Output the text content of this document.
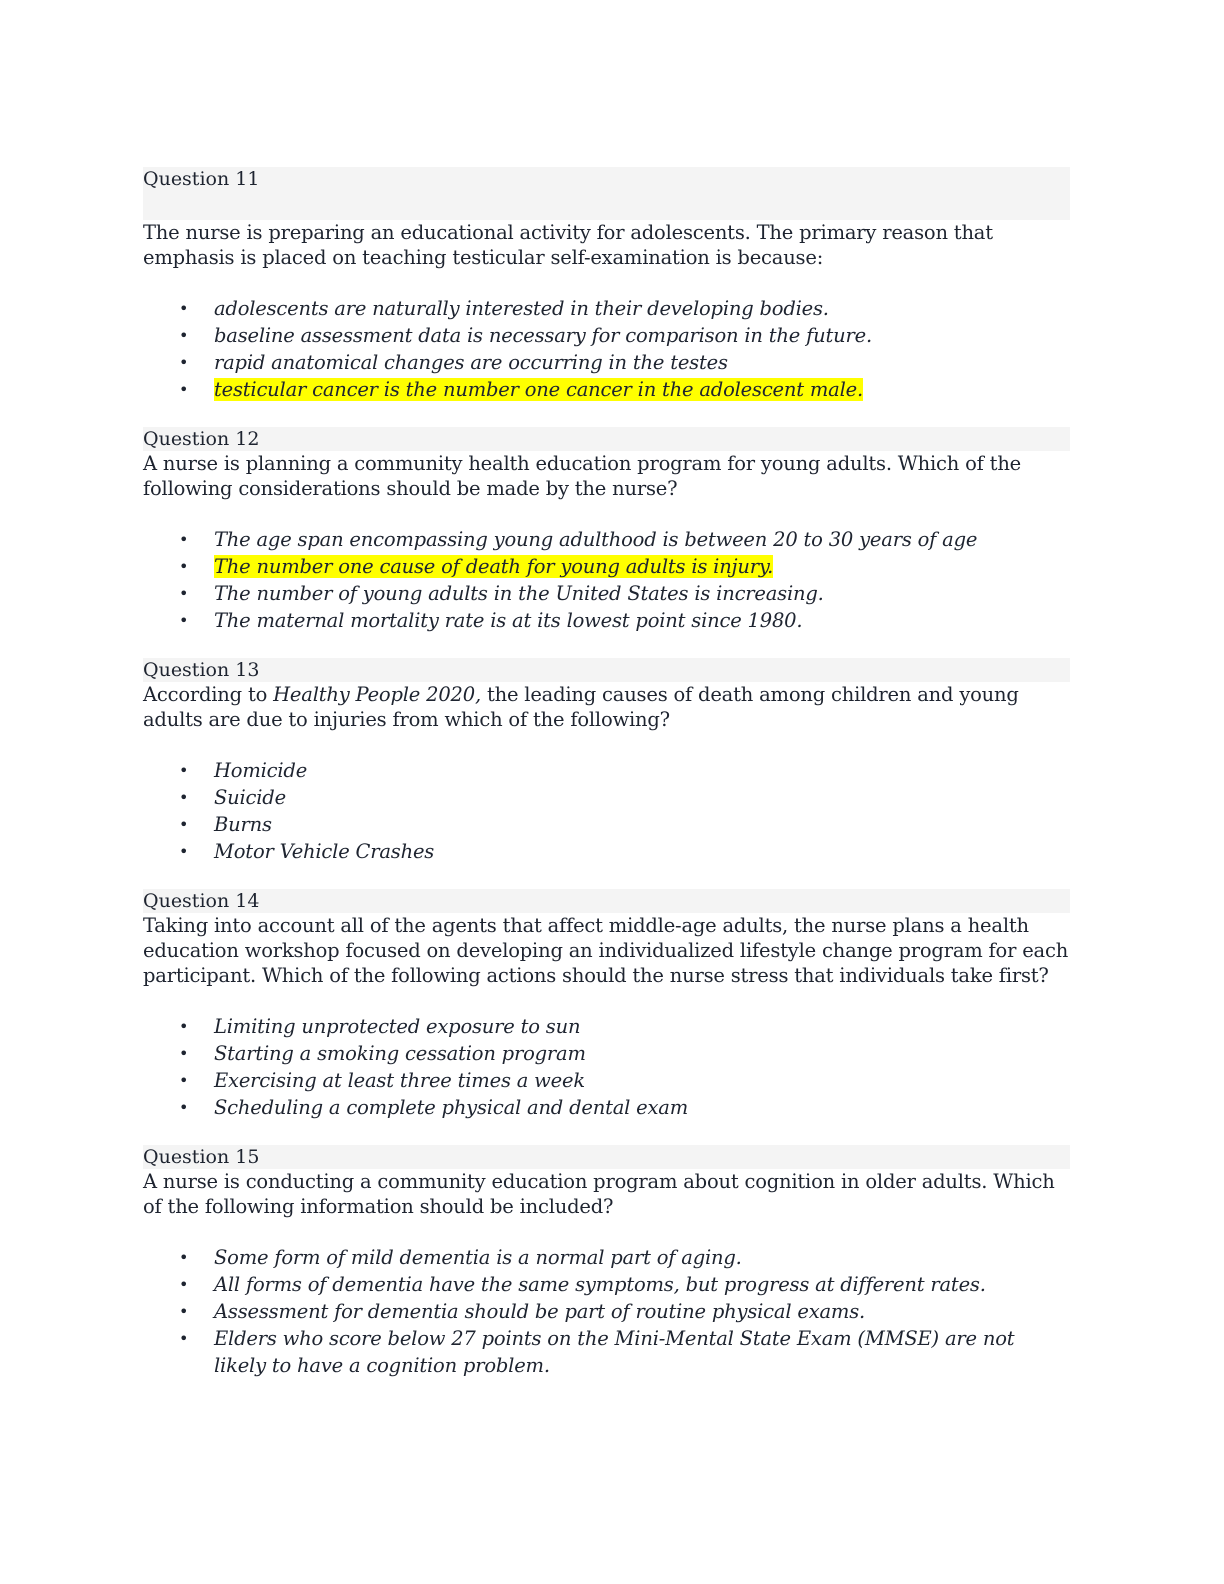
Question 11

The nurse is preparing an educational activity for adolescents. The primary reason that emphasis is placed on teaching testicular self-examination is because:

• adolescents are naturally interested in their developing bodies.
• baseline assessment data is necessary for comparison in the future.
• rapid anatomical changes are occurring in the testes
• testicular cancer is the number one cancer in the adolescent male.
Question 12

A nurse is planning a community health education program for young adults. Which of the following considerations should be made by the nurse?

• The age span encompassing young adulthood is between 20 to 30 years of age
• The number one cause of death for young adults is injury.
• The number of young adults in the United States is increasing.
• The maternal mortality rate is at its lowest point since 1980.
Question 13

According to Healthy People 2020, the leading causes of death among children and young adults are due to injuries from which of the following?

• Homicide
• Suicide
• Burns
• Motor Vehicle Crashes
Question 14

Taking into account all of the agents that affect middle-age adults, the nurse plans a health education workshop focused on developing an individualized lifestyle change program for each participant. Which of the following actions should the nurse stress that individuals take first?

• Limiting unprotected exposure to sun
• Starting a smoking cessation program
• Exercising at least three times a week
• Scheduling a complete physical and dental exam
Question 15

A nurse is conducting a community education program about cognition in older adults. Which of the following information should be included?

• Some form of mild dementia is a normal part of aging.
• All forms of dementia have the same symptoms, but progress at different rates.
• Assessment for dementia should be part of routine physical exams.
• Elders who score below 27 points on the Mini-Mental State Exam (MMSE) are not likely to have a cognition problem.
